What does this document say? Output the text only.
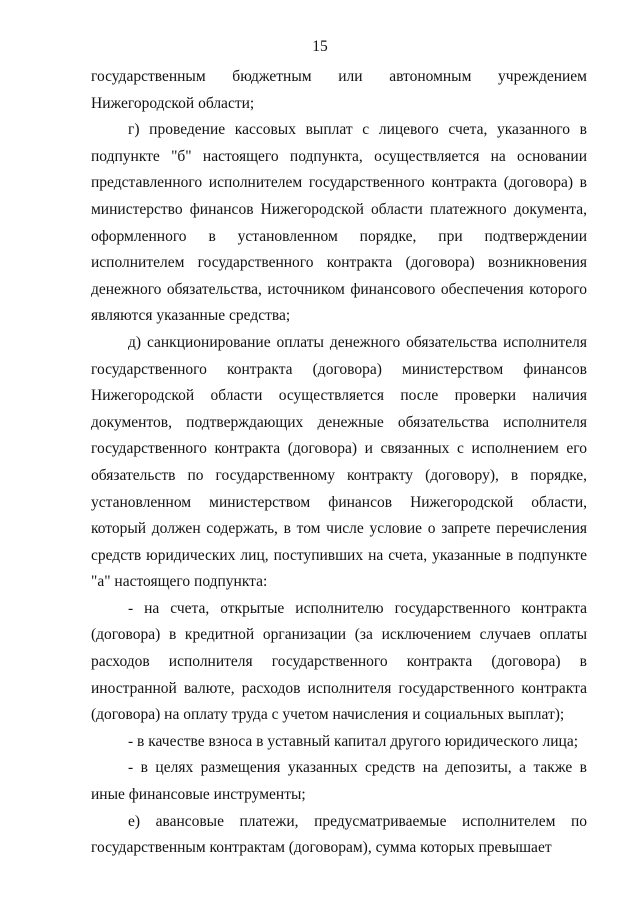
15

государственным бюджетным или автономным учреждением Нижегородской области;

г) проведение кассовых выплат с лицевого счета, указанного в подпункте "б" настоящего подпункта, осуществляется на основании представленного исполнителем государственного контракта (договора) в министерство финансов Нижегородской области платежного документа, оформленного в установленном порядке, при подтверждении исполнителем государственного контракта (договора) возникновения денежного обязательства, источником финансового обеспечения которого являются указанные средства;

д) санкционирование оплаты денежного обязательства исполнителя государственного контракта (договора) министерством финансов Нижегородской области осуществляется после проверки наличия документов, подтверждающих денежные обязательства исполнителя государственного контракта (договора) и связанных с исполнением его обязательств по государственному контракту (договору), в порядке, установленном министерством финансов Нижегородской области, который должен содержать, в том числе условие о запрете перечисления средств юридических лиц, поступивших на счета, указанные в подпункте "а" настоящего подпункта:

- на счета, открытые исполнителю государственного контракта (договора) в кредитной организации (за исключением случаев оплаты расходов исполнителя государственного контракта (договора) в иностранной валюте, расходов исполнителя государственного контракта (договора) на оплату труда с учетом начисления и социальных выплат);

- в качестве взноса в уставный капитал другого юридического лица;

- в целях размещения указанных средств на депозиты, а также в иные финансовые инструменты;

е) авансовые платежи, предусматриваемые исполнителем по государственным контрактам (договорам), сумма которых превышает
